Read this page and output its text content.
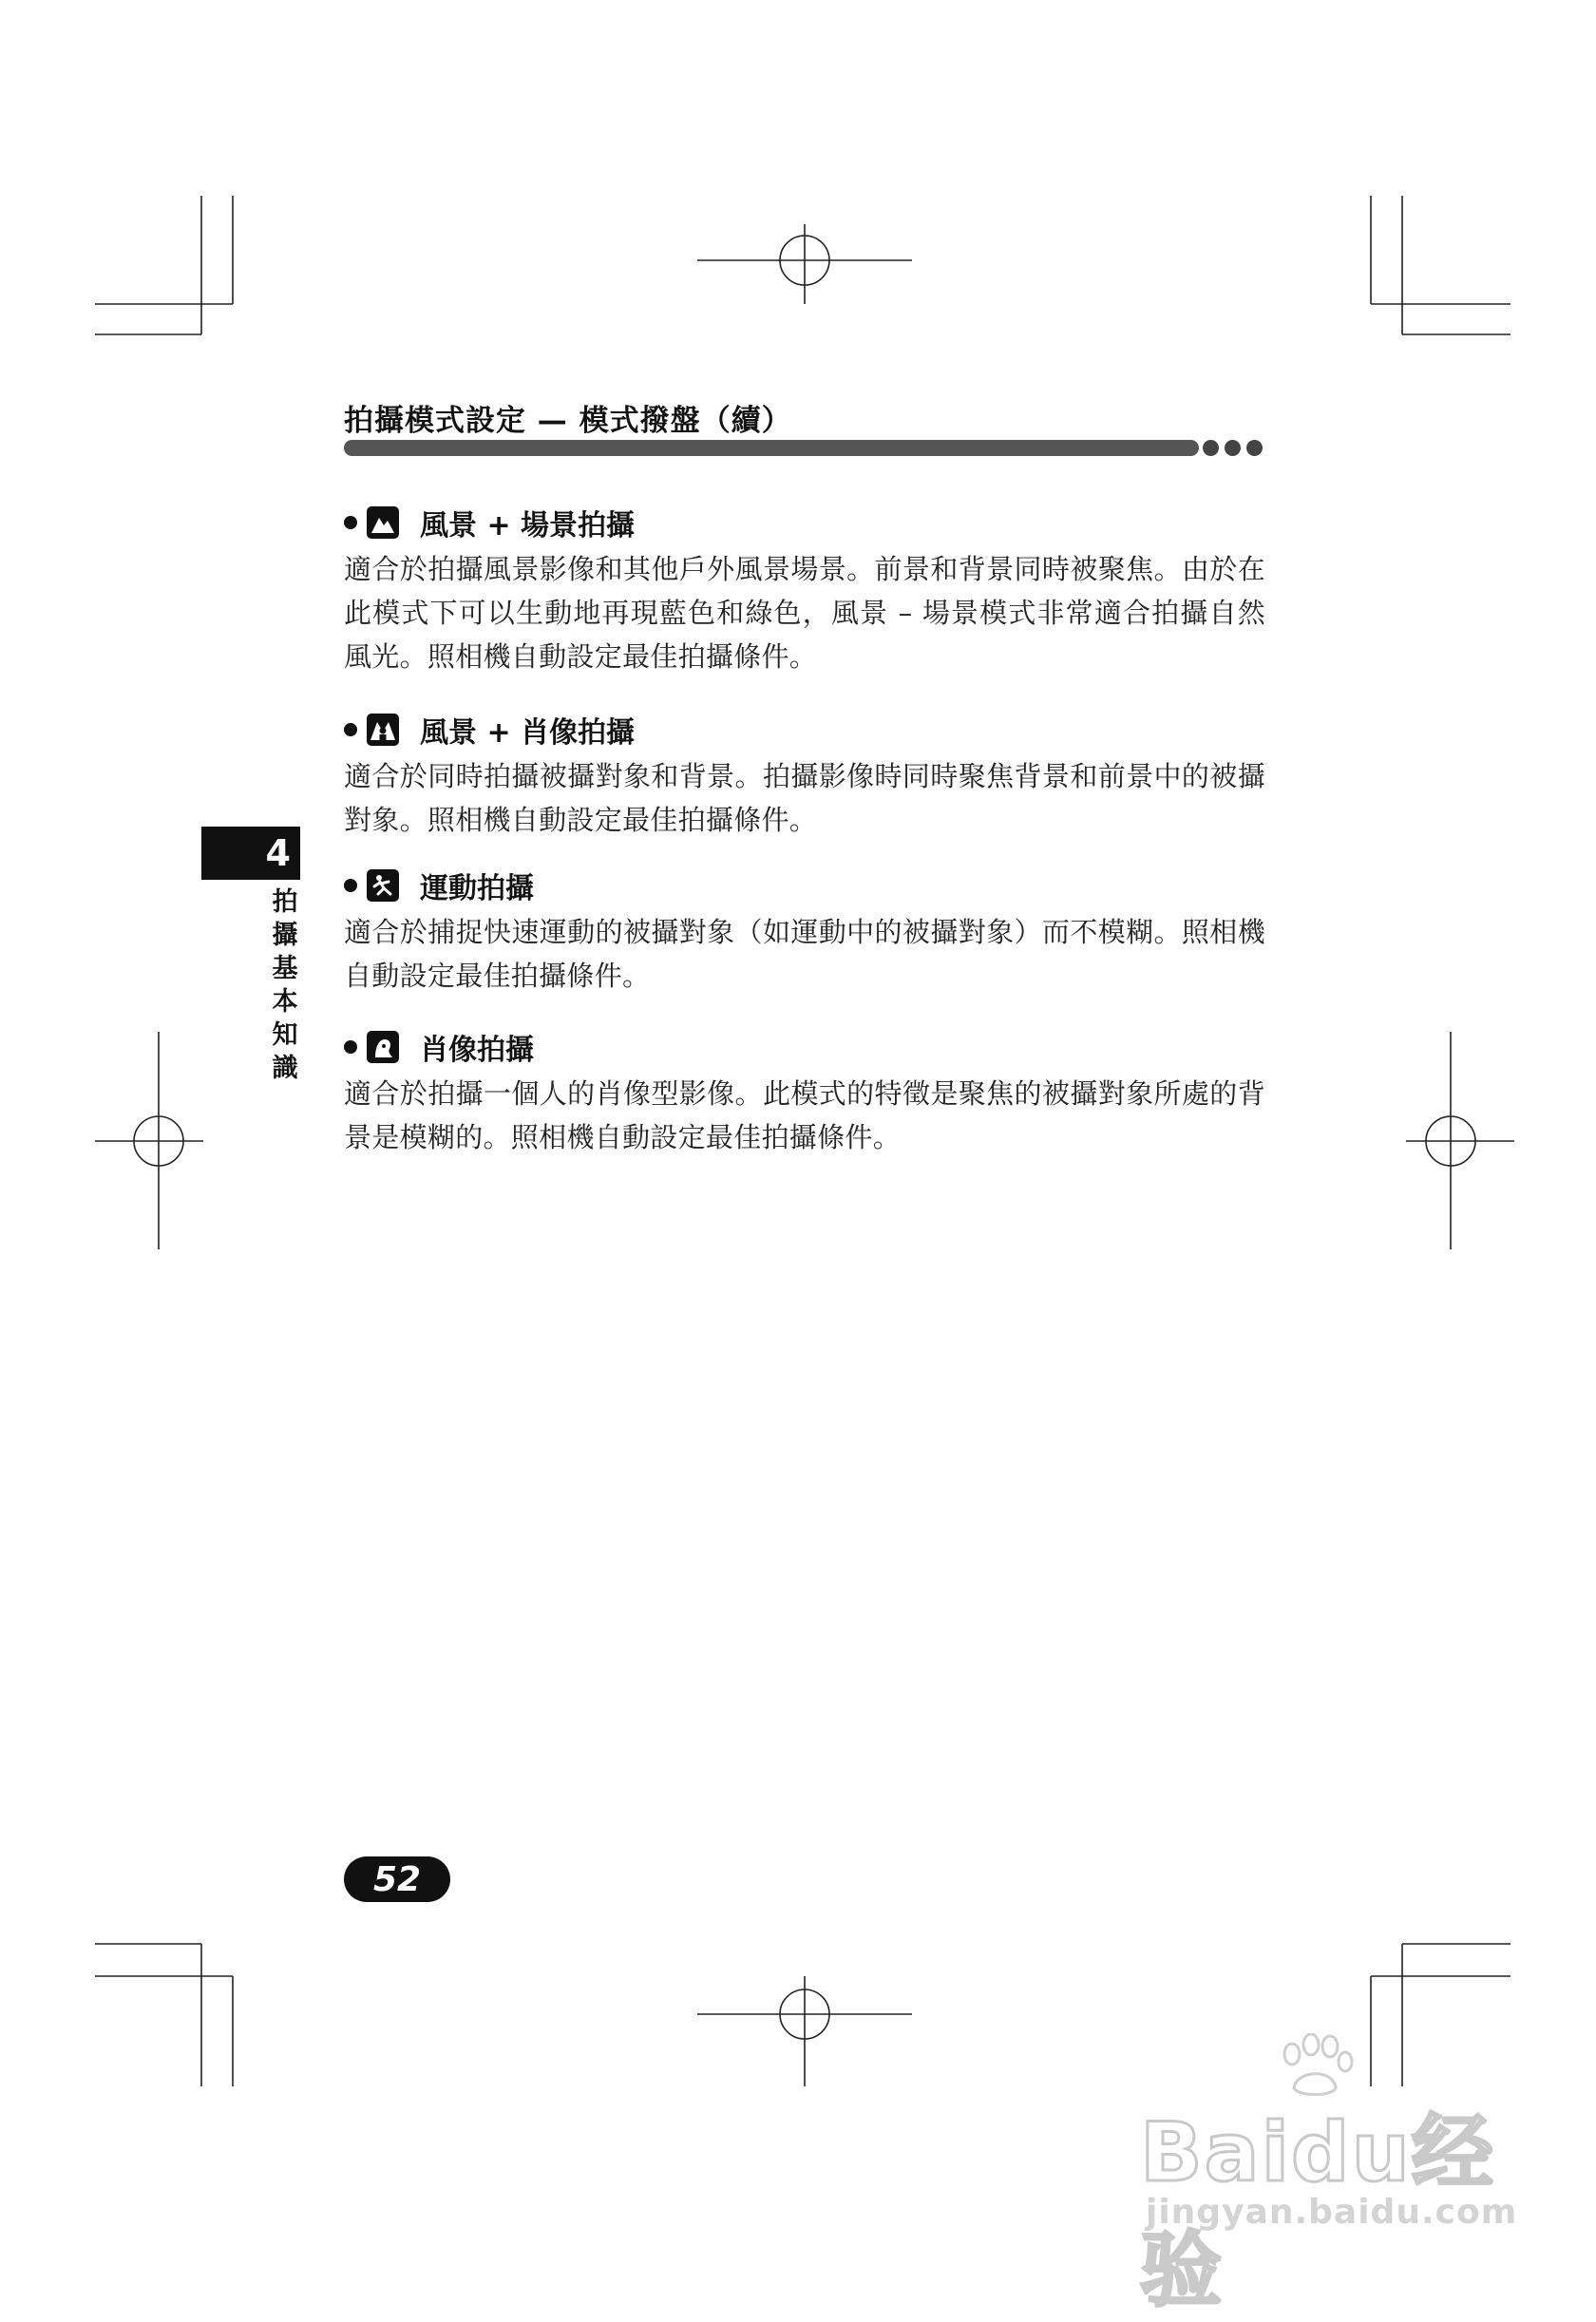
拍攝模式設定 — 模式撥盤（續）
風景 + 場景拍攝
適合於拍攝風景影像和其他戶外風景場景。前景和背景同時被聚焦。由於在此模式下可以生動地再現藍色和綠色，風景 – 場景模式非常適合拍攝自然風光。照相機自動設定最佳拍攝條件。
風景 + 肖像拍攝
適合於同時拍攝被攝對象和背景。拍攝影像時同時聚焦背景和前景中的被攝對象。照相機自動設定最佳拍攝條件。
運動拍攝
適合於捕捉快速運動的被攝對象（如運動中的被攝對象）而不模糊。照相機自動設定最佳拍攝條件。
肖像拍攝
適合於拍攝一個人的肖像型影像。此模式的特徵是聚焦的被攝對象所處的背景是模糊的。照相機自動設定最佳拍攝條件。
4
拍
攝
基
本
知
識
52
Baidu经验
jingyan.baidu.com
